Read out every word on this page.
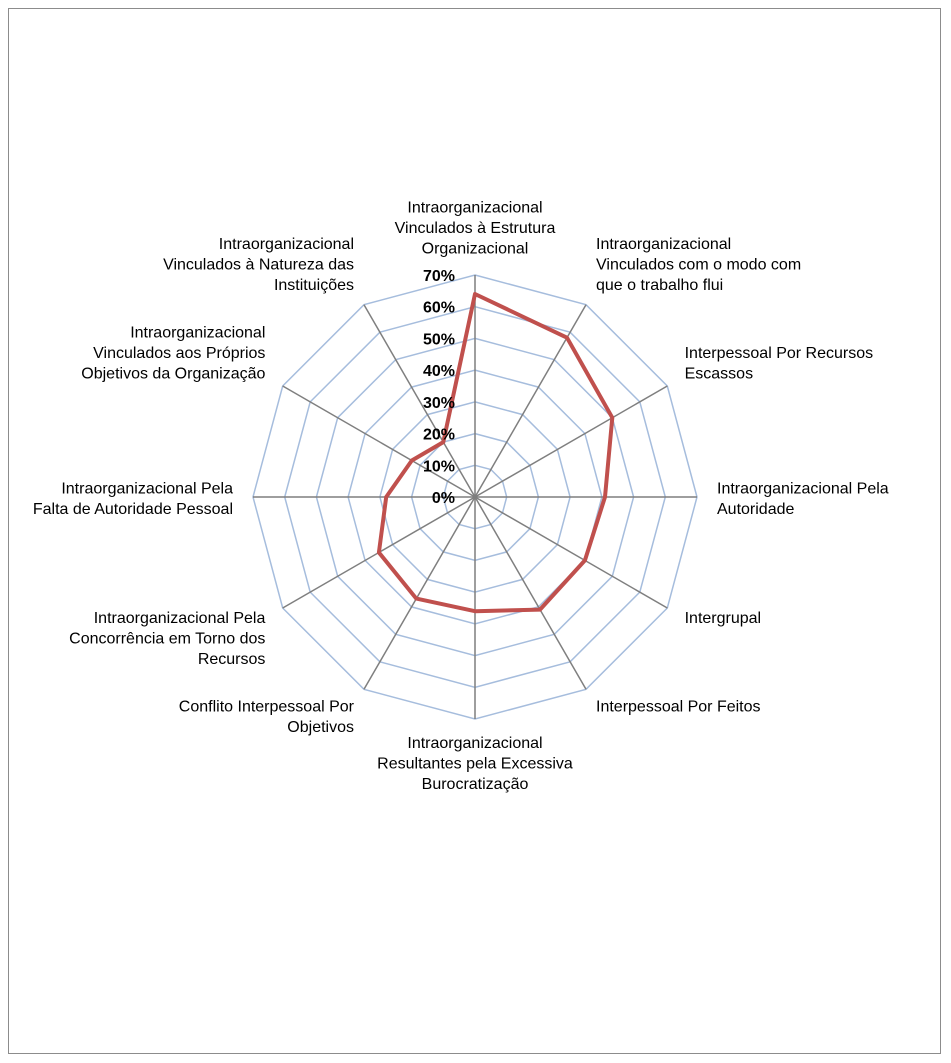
0%
10%
20%
30%
40%
50%
60%
70%
Intraorganizacional Vinculados à Estrutura Organizacional	Intraorganizacional Vinculados com o modo com que o trabalho flui
Interpessoal Por Recursos Escassos
Intraorganizacional Pela Autoridade
Intergrupal
Interpessoal Por Feitos
Intraorganizacional Resultantes pela Excessiva Burocratização
Conflito Interpessoal Por Objetivos
Intraorganizacional Pela Concorrência em Torno dos Recursos
Intraorganizacional Pela Falta de Autoridade Pessoal
Intraorganizacional Vinculados aos Próprios Objetivos da Organização
Intraorganizacional Vinculados à Natureza das Instituições
